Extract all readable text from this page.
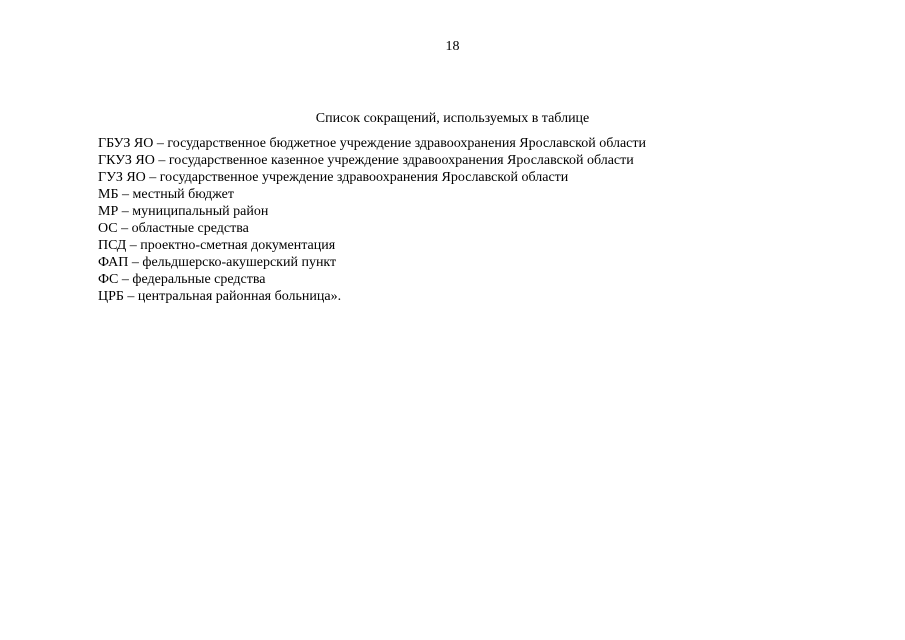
18
Список сокращений, используемых в таблице
ГБУЗ ЯО – государственное бюджетное учреждение здравоохранения Ярославской области
ГКУЗ ЯО – государственное казенное учреждение здравоохранения Ярославской области
ГУЗ ЯО – государственное учреждение здравоохранения Ярославской области
МБ – местный бюджет
МР – муниципальный район
ОС – областные средства
ПСД – проектно-сметная документация
ФАП – фельдшерско-акушерский пункт
ФС – федеральные средства
ЦРБ – центральная районная больница».
